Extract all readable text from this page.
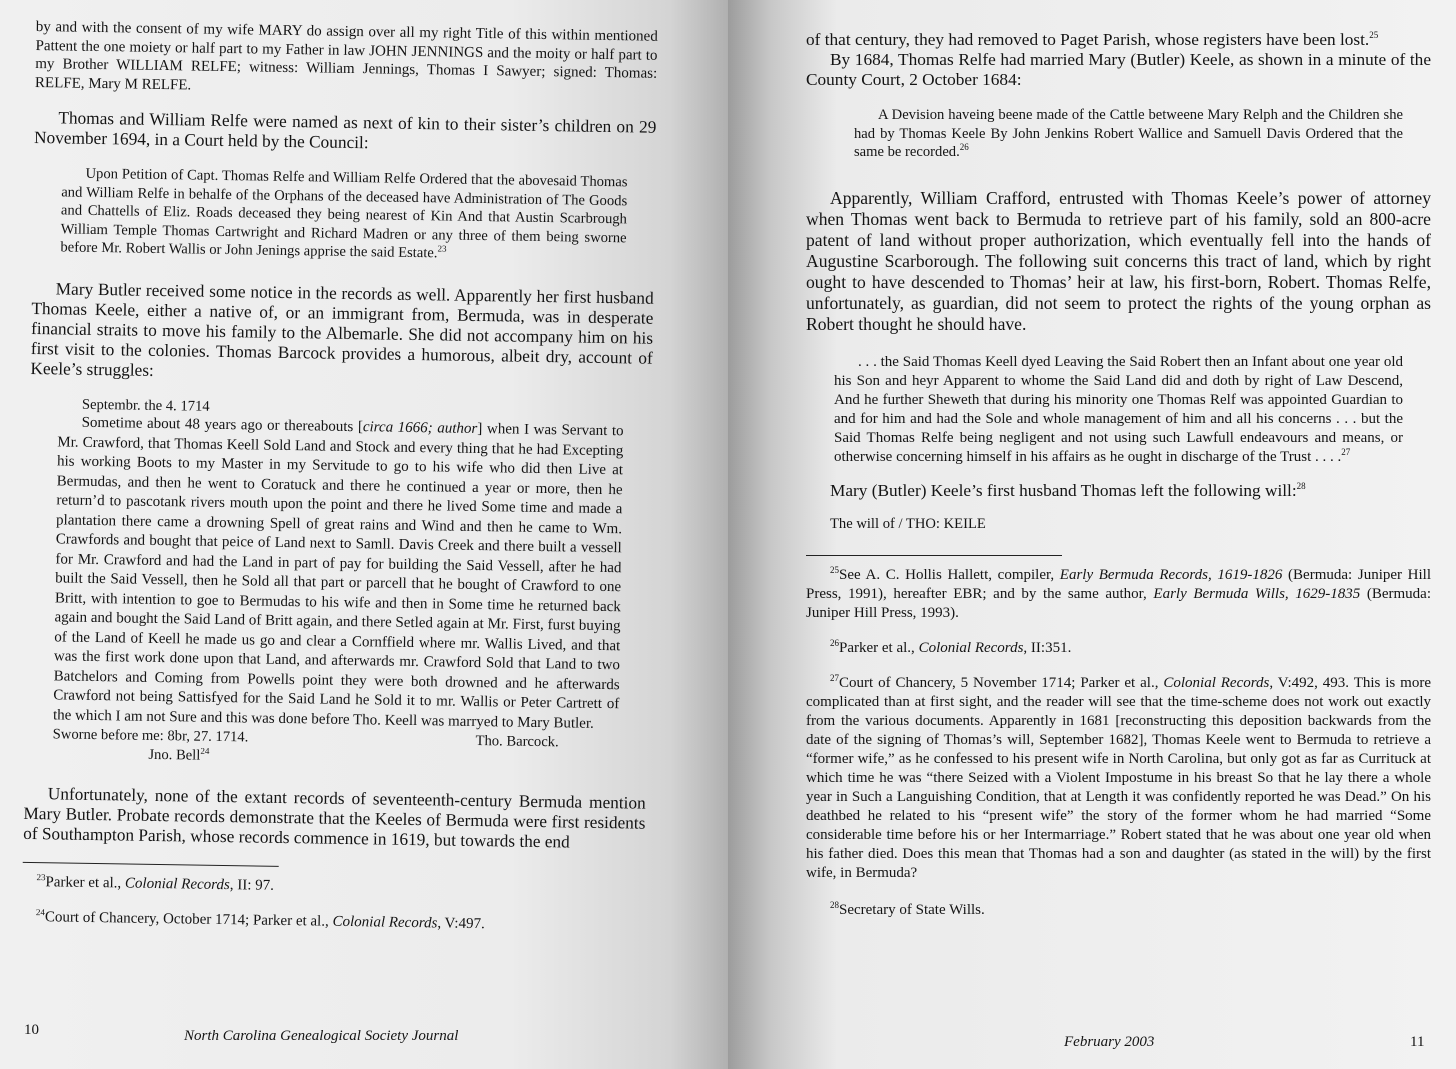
by and with the consent of my wife MARY do assign over all my right Title of this within mentioned Pattent the one moiety or half part to my Father in law JOHN JENNINGS and the moity or half part to my Brother WILLIAM RELFE; witness: William Jennings, Thomas I Sawyer; signed: Thomas: RELFE, Mary M RELFE.

Thomas and William Relfe were named as next of kin to their sister’s children on 29 November 1694, in a Court held by the Council:

Upon Petition of Capt. Thomas Relfe and William Relfe Ordered that the abovesaid Thomas and William Relfe in behalfe of the Orphans of the deceased have Administration of The Goods and Chattells of Eliz. Roads deceased they being nearest of Kin And that Austin Scarbrough William Temple Thomas Cartwright and Richard Madren or any three of them being sworne before Mr. Robert Wallis or John Jenings apprise the said Estate.$^{23}$

Mary Butler received some notice in the records as well. Apparently her first husband Thomas Keele, either a native of, or an immigrant from, Bermuda, was in desperate financial straits to move his family to the Albemarle. She did not accompany him on his first visit to the colonies. Thomas Barcock provides a humorous, albeit dry, account of Keele’s struggles:

Septembr. the 4. 1714

Sometime about 48 years ago or thereabouts [circa 1666; author] when I was Servant to Mr. Crawford, that Thomas Keell Sold Land and Stock and every thing that he had Excepting his working Boots to my Master in my Servitude to go to his wife who did then Live at Bermudas, and then he went to Coratuck and there he continued a year or more, then he return’d to pascotank rivers mouth upon the point and there he lived Some time and made a plantation there came a drowning Spell of great rains and Wind and then he came to Wm. Crawfords and bought that peice of Land next to Samll. Davis Creek and there built a vessell for Mr. Crawford and had the Land in part of pay for building the Said Vessell, after he had built the Said Vessell, then he Sold all that part or parcell that he bought of Crawford to one Britt, with intention to goe to Bermudas to his wife and then in Some time he returned back again and bought the Said Land of Britt again, and there Setled again at Mr. First, furst buying of the Land of Keell he made us go and clear a Cornffield where mr. Wallis Lived, and that was the first work done upon that Land, and afterwards mr. Crawford Sold that Land to two Batchelors and Coming from Powells point they were both drowned and he afterwards Crawford not being Sattisfyed for the Said Land he Sold it to mr. Wallis or Peter Cartrett of the which I am not Sure and this was done before Tho. Keell was marryed to Mary Butler.

Sworne before me: 8br, 27. 1714.	Tho. Barcock.

Jno. Bell$^{24}$

Unfortunately, none of the extant records of seventeenth-century Bermuda mention Mary Butler. Probate records demonstrate that the Keeles of Bermuda were first residents of Southampton Parish, whose records commence in 1619, but towards the end

$^{23}$Parker et al., Colonial Records, II: 97.

$^{24}$Court of Chancery, October 1714; Parker et al., Colonial Records, V:497.

10	North Carolina Genealogical Society Journal

of that century, they had removed to Paget Parish, whose registers have been lost.$^{25}$

By 1684, Thomas Relfe had married Mary (Butler) Keele, as shown in a minute of the County Court, 2 October 1684:

A Devision haveing beene made of the Cattle betweene Mary Relph and the Children she had by Thomas Keele By John Jenkins Robert Wallice and Samuell Davis Ordered that the same be recorded.$^{26}$

Apparently, William Crafford, entrusted with Thomas Keele’s power of attorney when Thomas went back to Bermuda to retrieve part of his family, sold an 800-acre patent of land without proper authorization, which eventually fell into the hands of Augustine Scarborough. The following suit concerns this tract of land, which by right ought to have descended to Thomas’ heir at law, his first-born, Robert. Thomas Relfe, unfortunately, as guardian, did not seem to protect the rights of the young orphan as Robert thought he should have.

. . . the Said Thomas Keell dyed Leaving the Said Robert then an Infant about one year old his Son and heyr Apparent to whome the Said Land did and doth by right of Law Descend, And he further Sheweth that during his minority one Thomas Relf was appointed Guardian to and for him and had the Sole and whole management of him and all his concerns . . . but the Said Thomas Relfe being negligent and not using such Lawfull endeavours and means, or otherwise concerning himself in his affairs as he ought in discharge of the Trust . . . .$^{27}$

Mary (Butler) Keele’s first husband Thomas left the following will:$^{28}$

The will of / THO: KEILE

$^{25}$See A. C. Hollis Hallett, compiler, Early Bermuda Records, 1619-1826 (Bermuda: Juniper Hill Press, 1991), hereafter EBR; and by the same author, Early Bermuda Wills, 1629-1835 (Bermuda: Juniper Hill Press, 1993).

$^{26}$Parker et al., Colonial Records, II:351.

$^{27}$Court of Chancery, 5 November 1714; Parker et al., Colonial Records, V:492, 493. This is more complicated than at first sight, and the reader will see that the time-scheme does not work out exactly from the various documents. Apparently in 1681 [reconstructing this deposition backwards from the date of the signing of Thomas’s will, September 1682], Thomas Keele went to Bermuda to retrieve a “former wife,” as he confessed to his present wife in North Carolina, but only got as far as Currituck at which time he was “there Seized with a Violent Impostume in his breast So that he lay there a whole year in Such a Languishing Condition, that at Length it was confidently reported he was Dead.” On his deathbed he related to his “present wife” the story of the former whom he had married “Some considerable time before his or her Intermarriage.” Robert stated that he was about one year old when his father died. Does this mean that Thomas had a son and daughter (as stated in the will) by the first wife, in Bermuda?

$^{28}$Secretary of State Wills.

February 2003	11
